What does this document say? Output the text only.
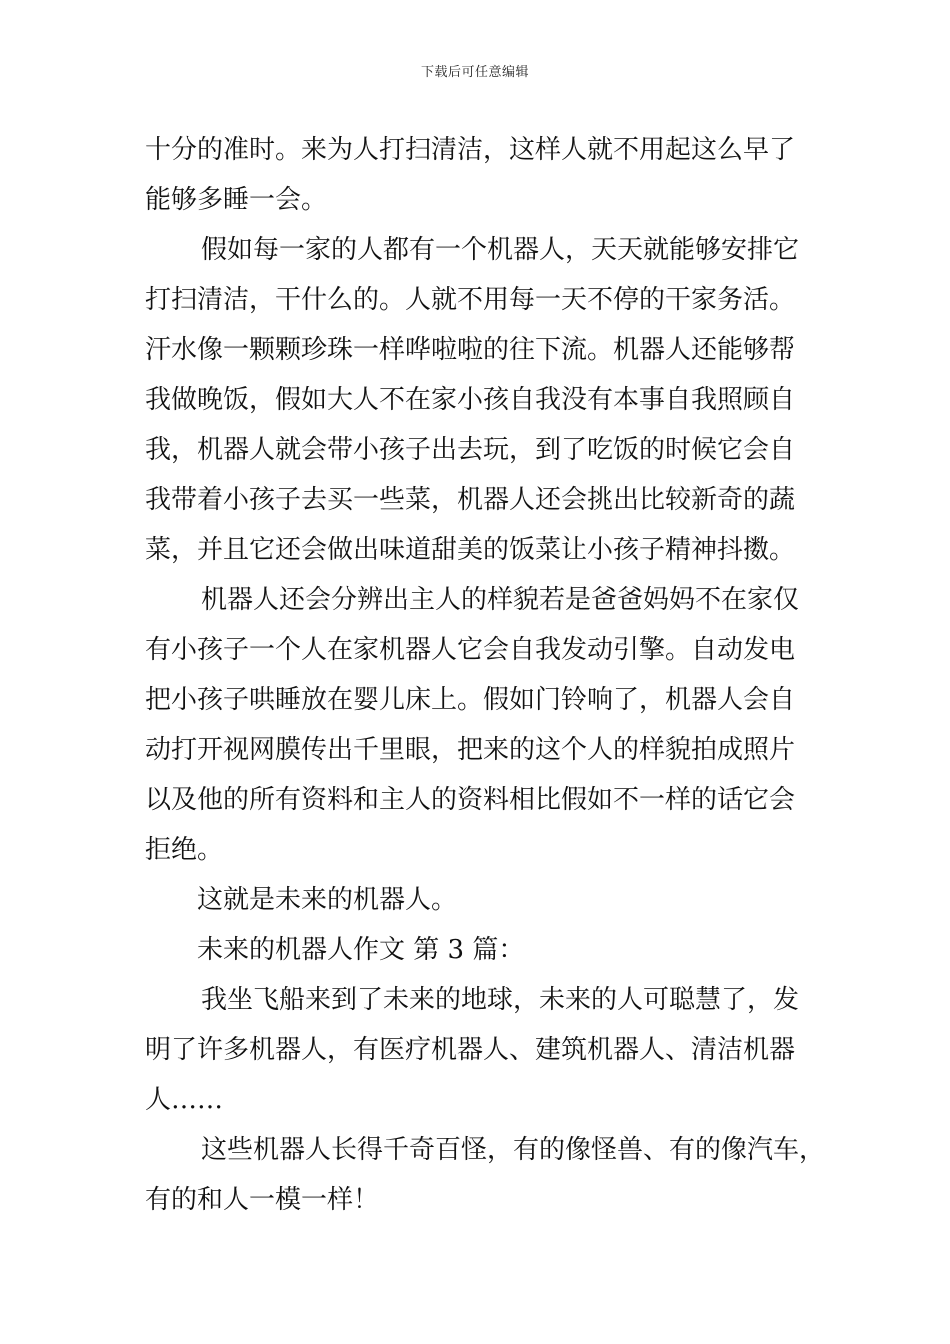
下载后可任意编辑
十分的准时。来为人打扫清洁，这样人就不用起这么早了
能够多睡一会。
假如每一家的人都有一个机器人，天天就能够安排它
打扫清洁，干什么的。人就不用每一天不停的干家务活。
汗水像一颗颗珍珠一样哗啦啦的往下流。机器人还能够帮
我做晚饭，假如大人不在家小孩自我没有本事自我照顾自
我，机器人就会带小孩子出去玩，到了吃饭的时候它会自
我带着小孩子去买一些菜，机器人还会挑出比较新奇的蔬
菜，并且它还会做出味道甜美的饭菜让小孩子精神抖擞。
机器人还会分辨出主人的样貌若是爸爸妈妈不在家仅
有小孩子一个人在家机器人它会自我发动引擎。自动发电
把小孩子哄睡放在婴儿床上。假如门铃响了，机器人会自
动打开视网膜传出千里眼，把来的这个人的样貌拍成照片
以及他的所有资料和主人的资料相比假如不一样的话它会
拒绝。
这就是未来的机器人。
未来的机器人作文 第 3 篇：
我坐飞船来到了未来的地球，未来的人可聪慧了，发
明了许多机器人，有医疗机器人、建筑机器人、清洁机器
人……
这些机器人长得千奇百怪，有的像怪兽、有的像汽车，
有的和人一模一样！
